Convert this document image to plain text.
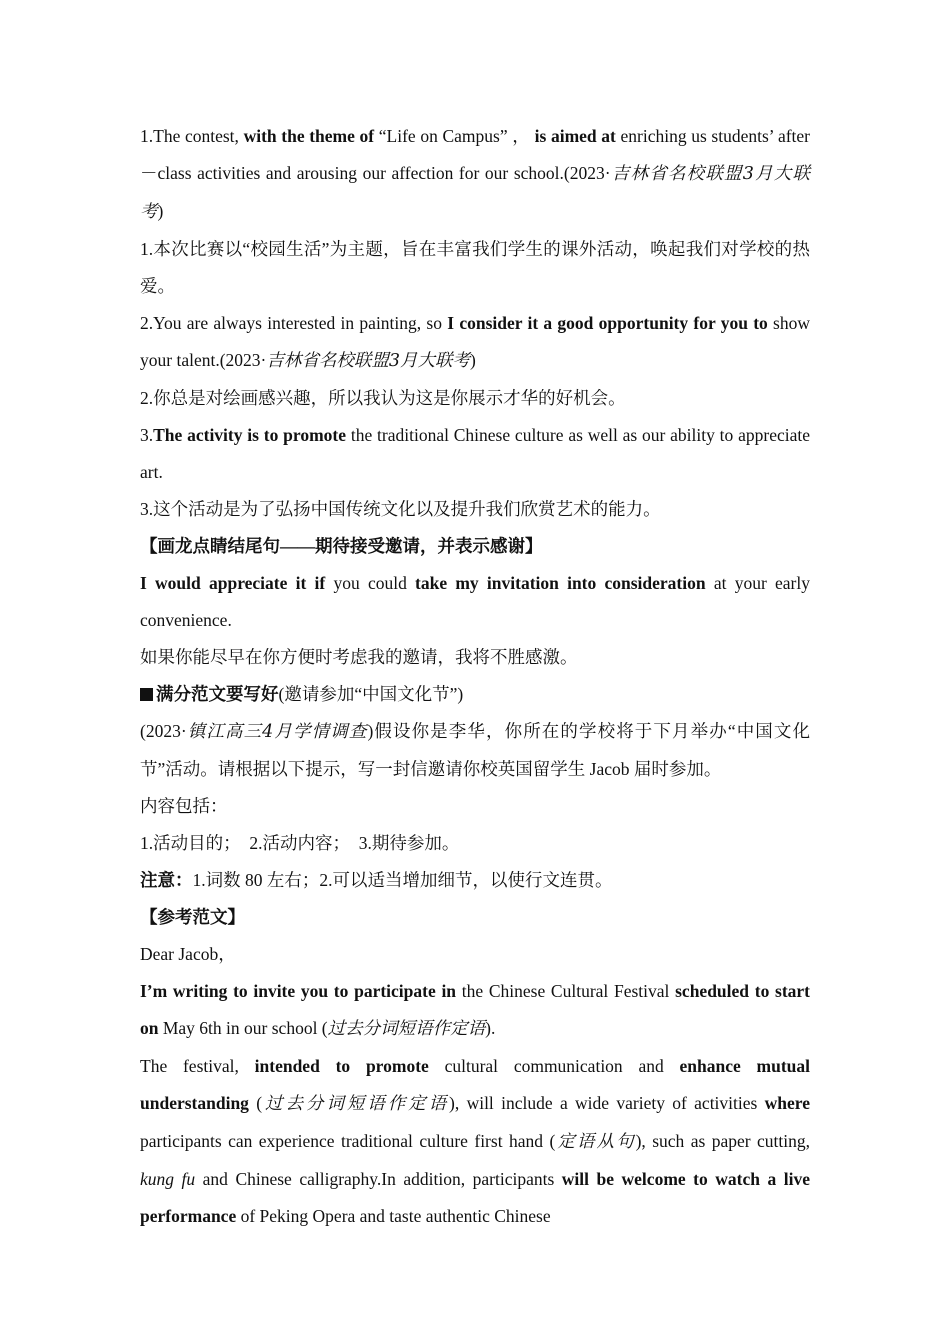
1.The contest, with the theme of “Life on Campus” ， is aimed at enriching us students’ after－class activities and arousing our affection for our school.(2023·吉林省名校联盟3月大联考)

1.本次比赛以“校园生活”为主题，旨在丰富我们学生的课外活动，唤起我们对学校的热爱。

2.You are always interested in painting, so I consider it a good opportunity for you to show your talent.(2023·吉林省名校联盟3月大联考)

2.你总是对绘画感兴趣，所以我认为这是你展示才华的好机会。

3.The activity is to promote the traditional Chinese culture as well as our ability to appreciate art.

3.这个活动是为了弘扬中国传统文化以及提升我们欣赏艺术的能力。

【画龙点睛结尾句——期待接受邀请，并表示感谢】

I would appreciate it if you could take my invitation into consideration at your early convenience.

如果你能尽早在你方便时考虑我的邀请，我将不胜感激。

满分范文要写好(邀请参加“中国文化节”)

(2023·镇江高三4月学情调查)假设你是李华，你所在的学校将于下月举办“中国文化节”活动。请根据以下提示，写一封信邀请你校英国留学生 Jacob 届时参加。

内容包括：

1.活动目的；　2.活动内容；　3.期待参加。

注意：1.词数 80 左右；2.可以适当增加细节，以使行文连贯。

【参考范文】

Dear Jacob，

I’m writing to invite you to participate in the Chinese Cultural Festival scheduled to start on May 6th in our school (过去分词短语作定语).

The festival, intended to promote cultural communication and enhance mutual understanding (过去分词短语作定语), will include a wide variety of activities where participants can experience traditional culture first hand (定语从句), such as paper cutting, kung fu and Chinese calligraphy.In addition, participants will be welcome to watch a live performance of Peking Opera and taste authentic Chinese
